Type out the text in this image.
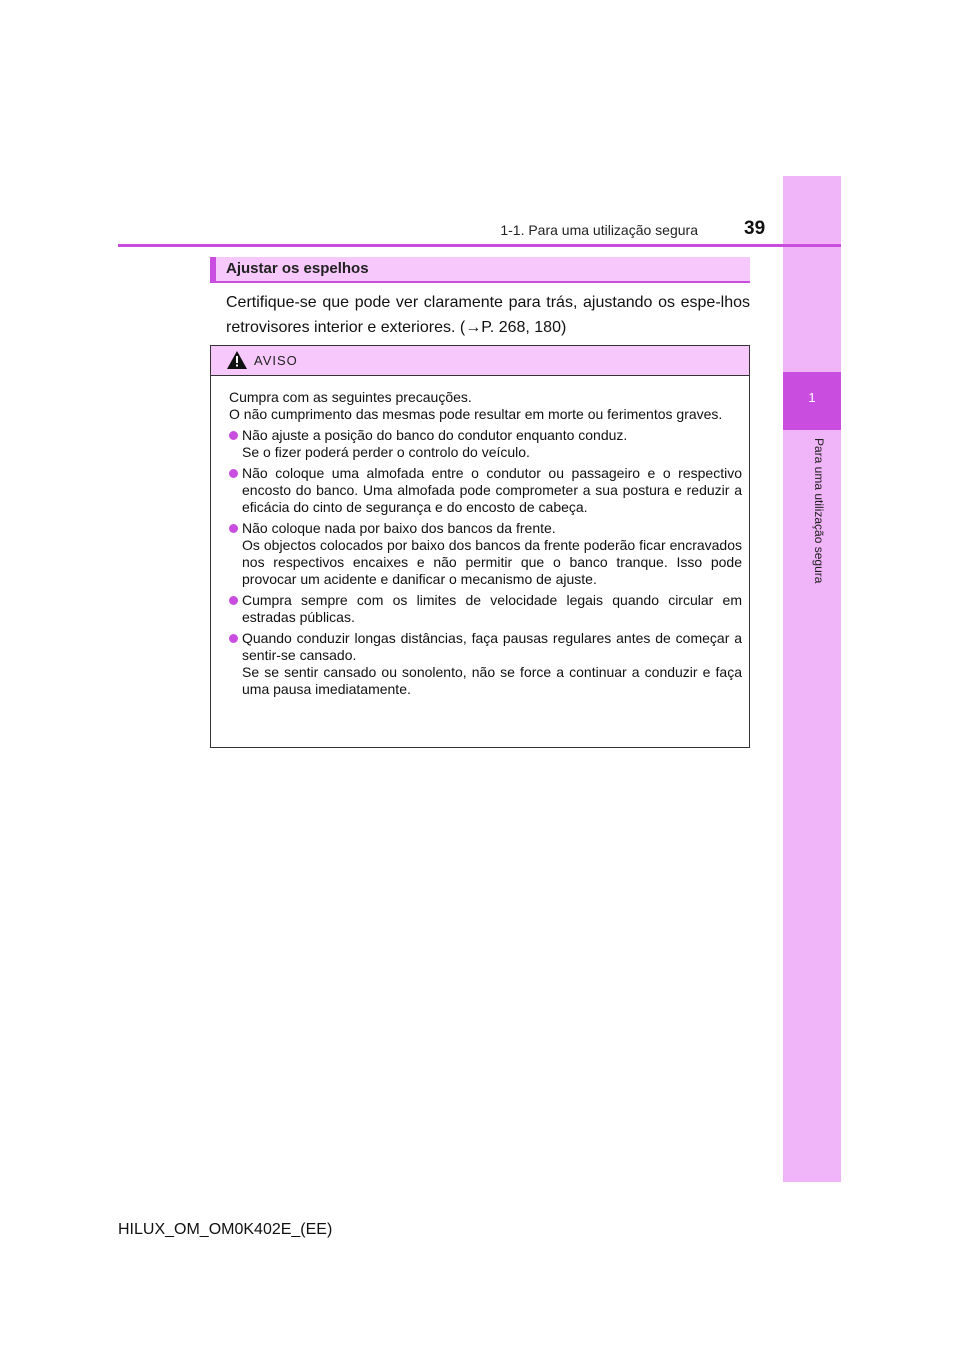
1
Para uma utilização segura
1-1. Para uma utilização segura 39
Ajustar os espelhos
Certifique-se que pode ver claramente para trás, ajustando os espe-lhos retrovisores interior e exteriores. (→P. 268, 180)
AVISO

Cumpra com as seguintes precauções.

O não cumprimento das mesmas pode resultar em morte ou ferimentos graves.

Não ajuste a posição do banco do condutor enquanto conduz.
Se o fizer poderá perder o controlo do veículo.
Não coloque uma almofada entre o condutor ou passageiro e o respectivo encosto do banco. Uma almofada pode comprometer a sua postura e reduzir a eficácia do cinto de segurança e do encosto de cabeça.
Não coloque nada por baixo dos bancos da frente.
Os objectos colocados por baixo dos bancos da frente poderão ficar encravados nos respectivos encaixes e não permitir que o banco tranque. Isso pode provocar um acidente e danificar o mecanismo de ajuste.
Cumpra sempre com os limites de velocidade legais quando circular em estradas públicas.
Quando conduzir longas distâncias, faça pausas regulares antes de começar a sentir-se cansado.
Se se sentir cansado ou sonolento, não se force a continuar a conduzir e faça uma pausa imediatamente.
HILUX_OM_OM0K402E_(EE)
